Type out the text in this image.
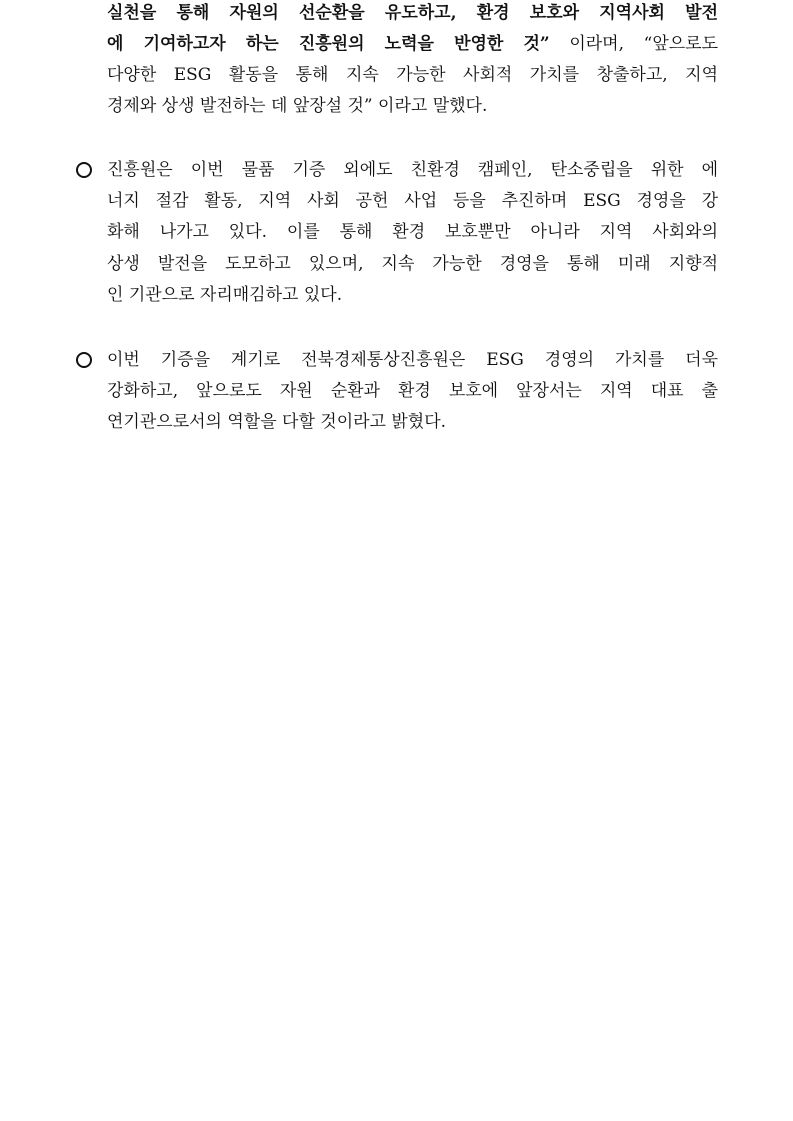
실천을 통해 자원의 선순환을 유도하고, 환경 보호와 지역사회 발전
에 기여하고자 하는 진흥원의 노력을 반영한 것” 이라며, “앞으로도
다양한 ESG 활동을 통해 지속 가능한 사회적 가치를 창출하고, 지역
경제와 상생 발전하는 데 앞장설 것” 이라고 말했다.
진흥원은 이번 물품 기증 외에도 친환경 캠페인, 탄소중립을 위한 에
너지 절감 활동, 지역 사회 공헌 사업 등을 추진하며 ESG 경영을 강
화해 나가고 있다. 이를 통해 환경 보호뿐만 아니라 지역 사회와의
상생 발전을 도모하고 있으며, 지속 가능한 경영을 통해 미래 지향적
인 기관으로 자리매김하고 있다.
이번 기증을 계기로 전북경제통상진흥원은 ESG 경영의 가치를 더욱
강화하고, 앞으로도 자원 순환과 환경 보호에 앞장서는 지역 대표 출
연기관으로서의 역할을 다할 것이라고 밝혔다.
